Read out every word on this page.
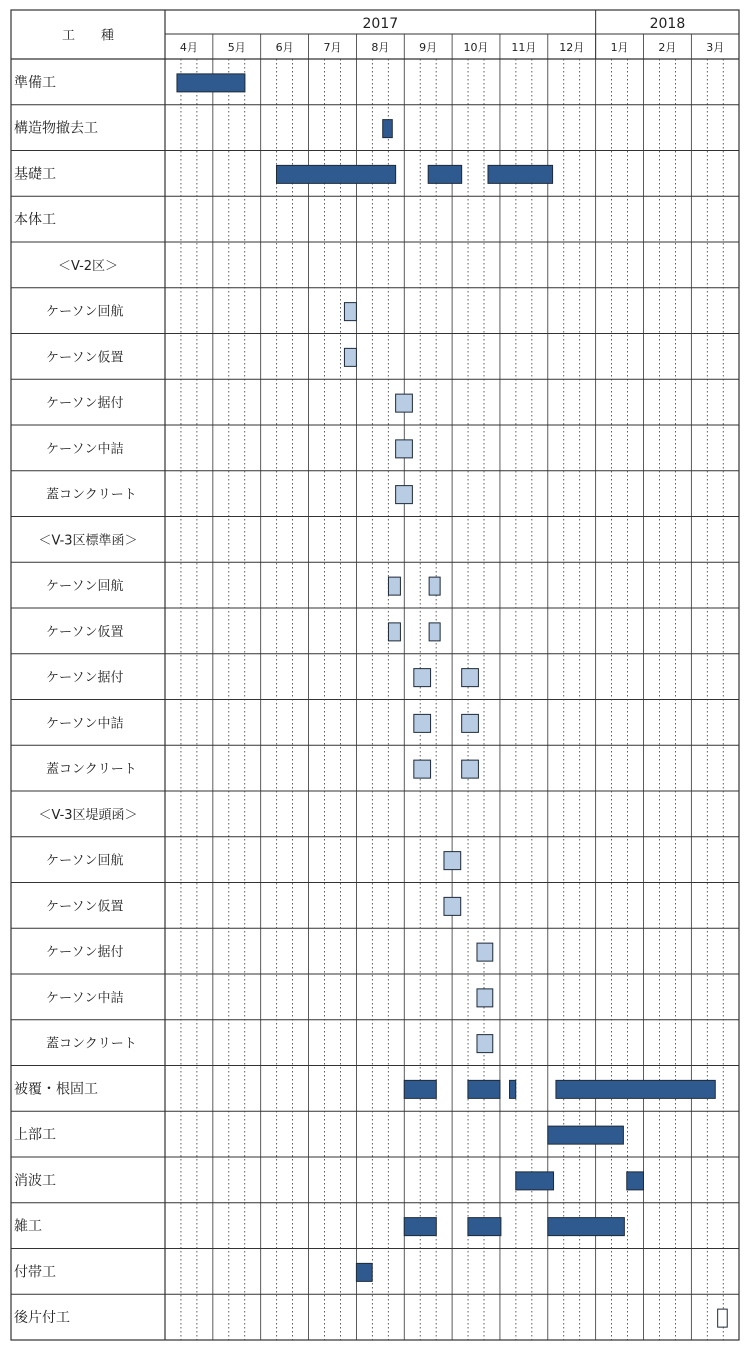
工　　種
2017	2018
4月	5月	6月	7月	8月	9月 10月 11月 12月 1月	2月	3月
準備工
構造物撤去工
基礎工
本体工
＜V-2区＞
ケーソン回航
ケーソン仮置
ケーソン据付
ケーソン中詰
蓋コンクリート
＜V-3区標準函＞
ケーソン回航
ケーソン仮置
ケーソン据付
ケーソン中詰
蓋コンクリート
＜V-3区堤頭函＞
ケーソン回航
ケーソン仮置
ケーソン据付
ケーソン中詰
蓋コンクリート
被覆・根固工
上部工
消波工
雑工
付帯工
後片付工
